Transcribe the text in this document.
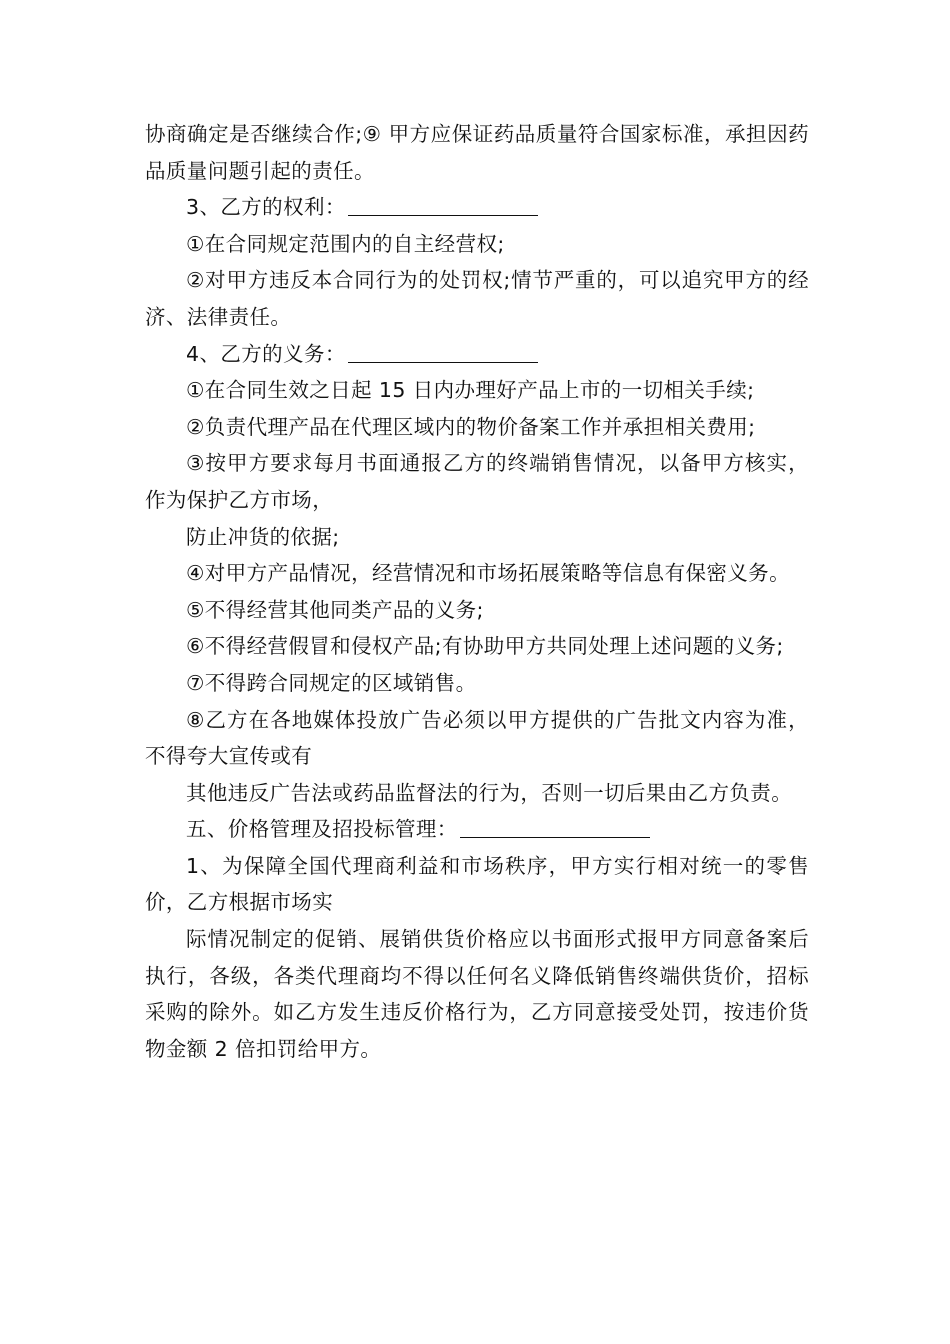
协商确定是否继续合作;⑨ 甲方应保证药品质量符合国家标准，承担因药品质量问题引起的责任。

3、乙方的权利：

①在合同规定范围内的自主经营权;

②对甲方违反本合同行为的处罚权;情节严重的，可以追究甲方的经济、法律责任。

4、乙方的义务：

①在合同生效之日起 15 日内办理好产品上市的一切相关手续;

②负责代理产品在代理区域内的物价备案工作并承担相关费用;

③按甲方要求每月书面通报乙方的终端销售情况，以备甲方核实，作为保护乙方市场，

防止冲货的依据;

④对甲方产品情况，经营情况和市场拓展策略等信息有保密义务。

⑤不得经营其他同类产品的义务;

⑥不得经营假冒和侵权产品;有协助甲方共同处理上述问题的义务;

⑦不得跨合同规定的区域销售。

⑧乙方在各地媒体投放广告必须以甲方提供的广告批文内容为准，不得夸大宣传或有

其他违反广告法或药品监督法的行为，否则一切后果由乙方负责。

五、价格管理及招投标管理：

1、为保障全国代理商利益和市场秩序，甲方实行相对统一的零售价，乙方根据市场实

际情况制定的促销、展销供货价格应以书面形式报甲方同意备案后执行，各级，各类代理商均不得以任何名义降低销售终端供货价，招标采购的除外。如乙方发生违反价格行为，乙方同意接受处罚，按违价货物金额 2 倍扣罚给甲方。
